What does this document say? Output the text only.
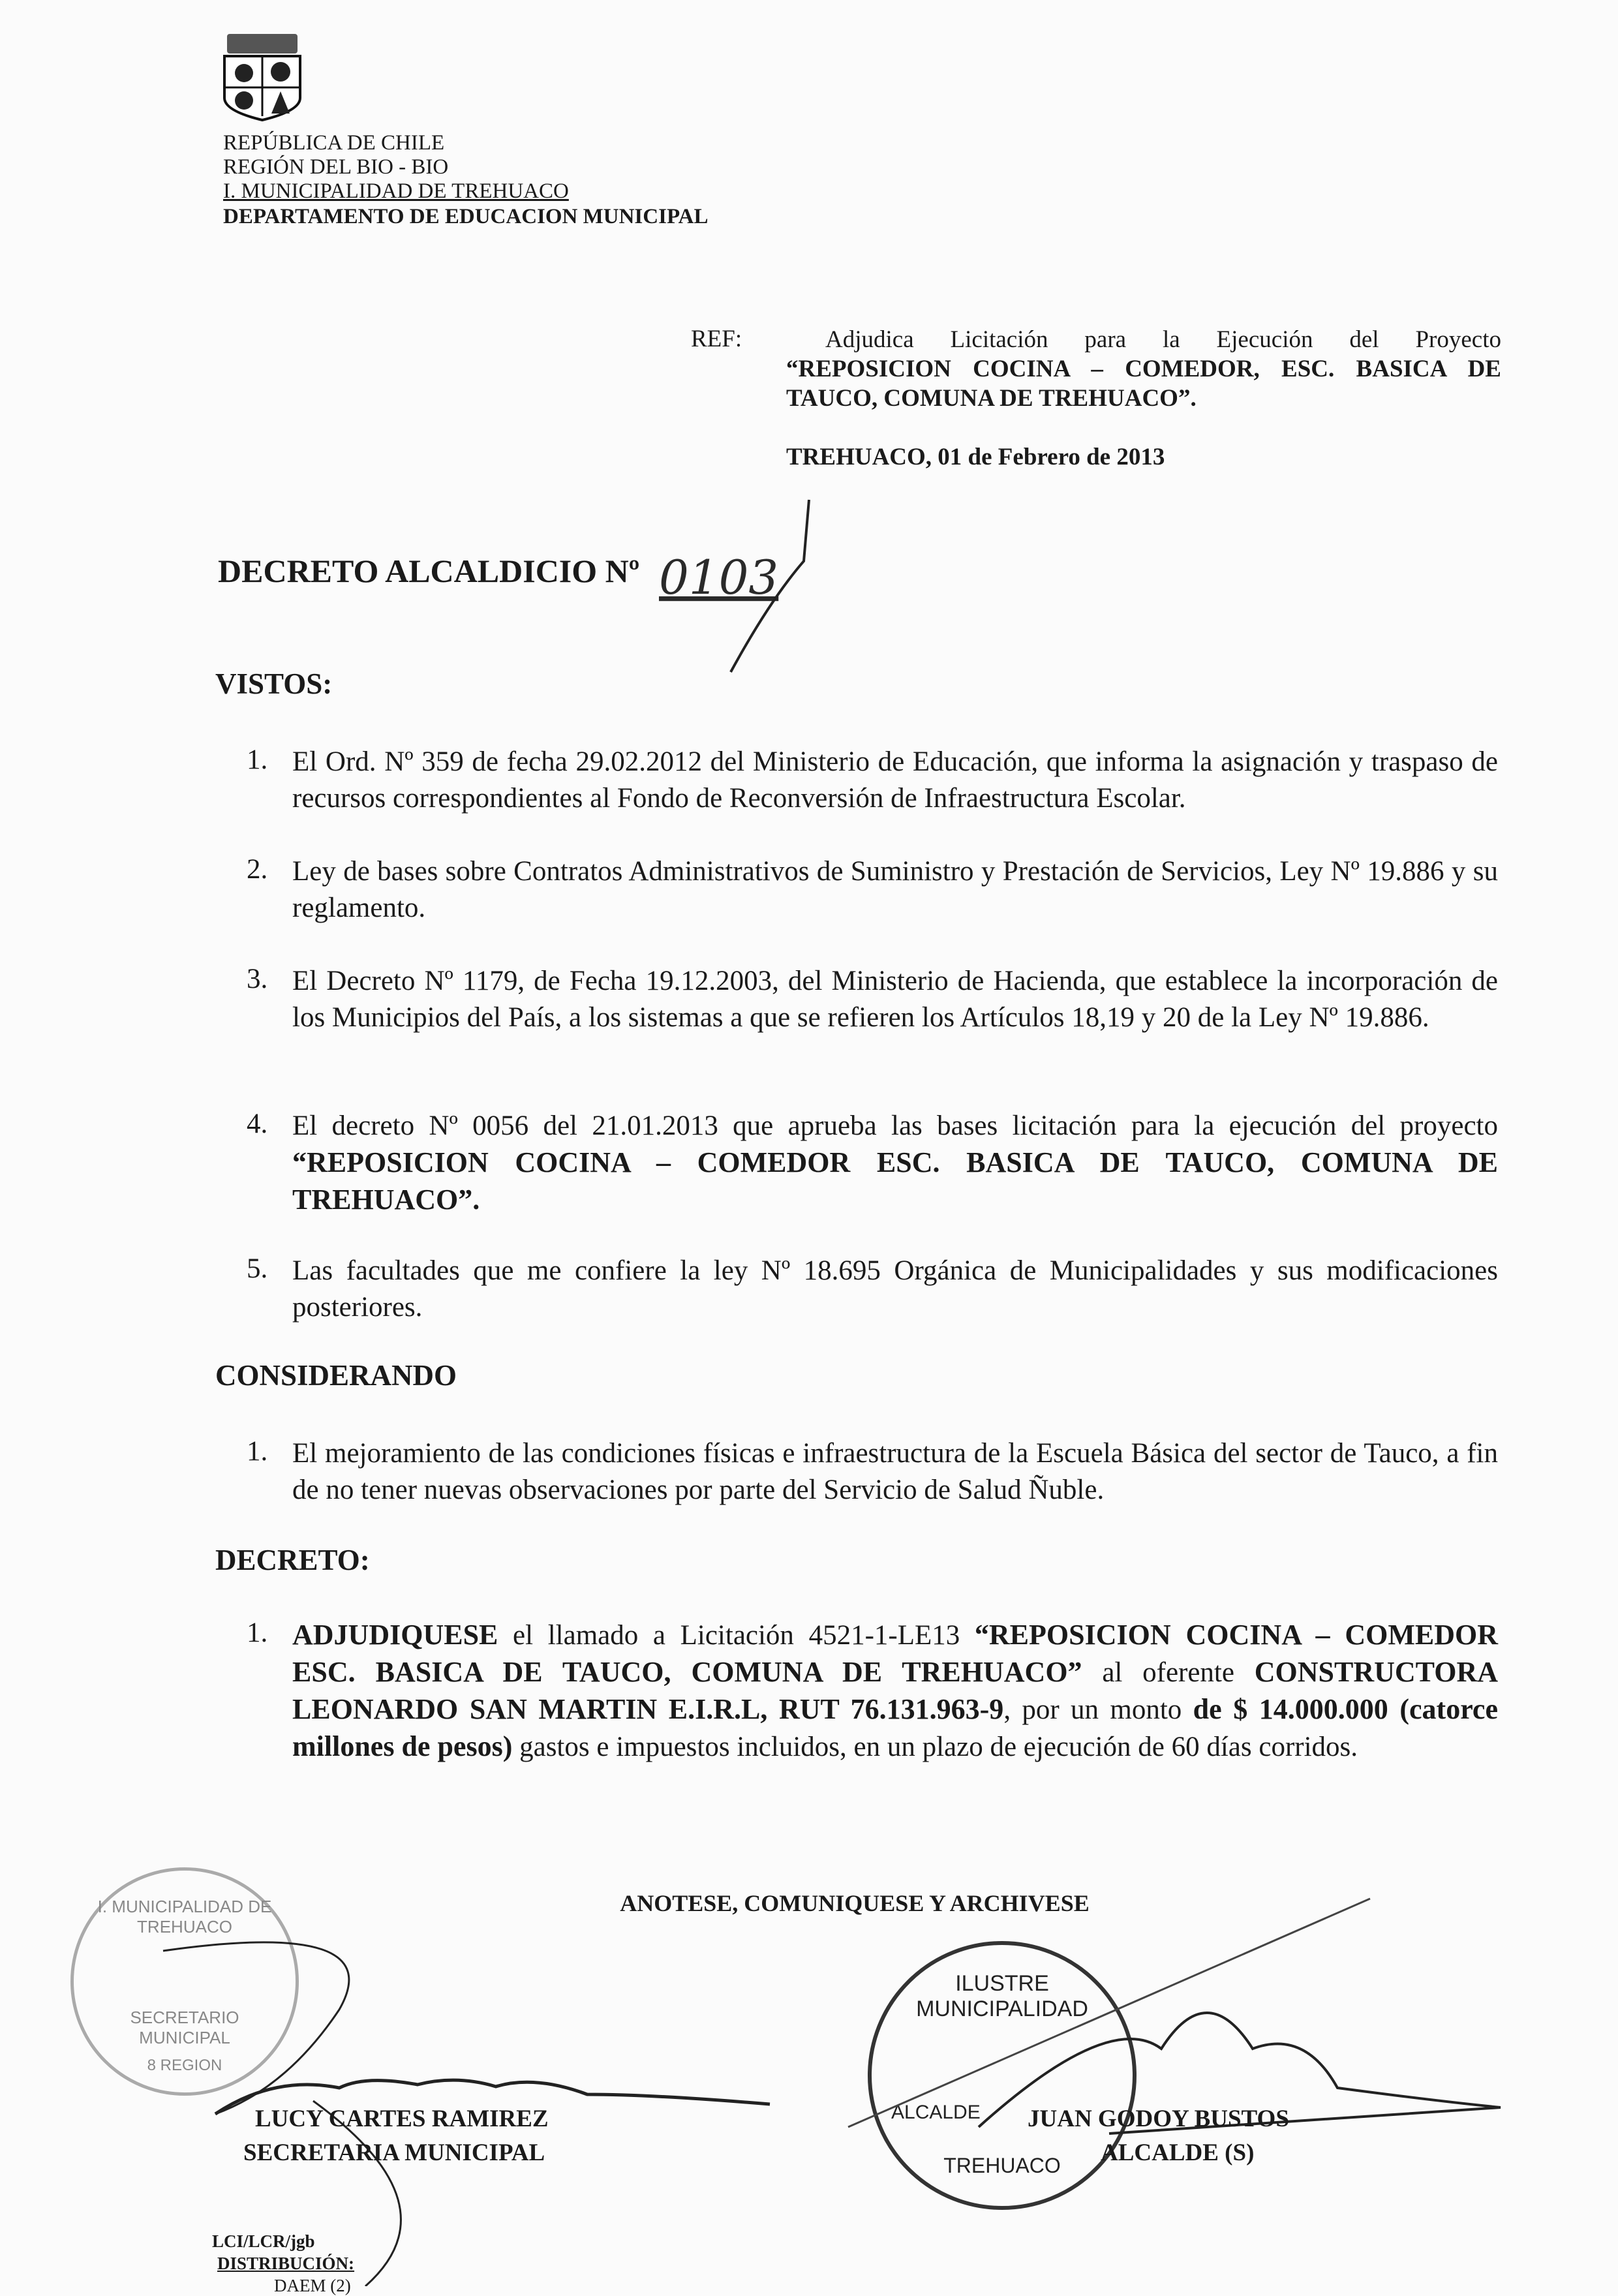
REPÚBLICA DE CHILE
REGIÓN DEL BIO - BIO
I. MUNICIPALIDAD DE TREHUACO
DEPARTAMENTO DE EDUCACION MUNICIPAL
REF:	Adjudica Licitación para la Ejecución del Proyecto
“REPOSICION COCINA – COMEDOR, ESC. BASICA DE
TAUCO, COMUNA DE TREHUACO”.
TREHUACO, 01 de Febrero de 2013
DECRETO ALCALDICIO Nº 0103
VISTOS:
1. El Ord. Nº 359 de fecha 29.02.2012 del Ministerio de Educación, que informa la asignación y traspaso de recursos correspondientes al Fondo de Reconversión de Infraestructura Escolar.
2. Ley de bases sobre Contratos Administrativos de Suministro y Prestación de Servicios, Ley Nº 19.886 y su reglamento.
3. El Decreto Nº 1179, de Fecha 19.12.2003, del Ministerio de Hacienda, que establece la incorporación de los Municipios del País, a los sistemas a que se refieren los Artículos 18,19 y 20 de la Ley Nº 19.886.
4. El decreto Nº 0056 del 21.01.2013 que aprueba las bases licitación para la ejecución del proyecto “REPOSICION COCINA – COMEDOR ESC. BASICA DE TAUCO, COMUNA DE TREHUACO”.
5. Las facultades que me confiere la ley Nº 18.695 Orgánica de Municipalidades y sus modificaciones posteriores.
CONSIDERANDO
1. El mejoramiento de las condiciones físicas e infraestructura de la Escuela Básica del sector de Tauco, a fin de no tener nuevas observaciones por parte del Servicio de Salud Ñuble.
DECRETO:
1. ADJUDIQUESE el llamado a Licitación 4521-1-LE13 “REPOSICION COCINA – COMEDOR ESC. BASICA DE TAUCO, COMUNA DE TREHUACO” al oferente CONSTRUCTORA LEONARDO SAN MARTIN E.I.R.L, RUT 76.131.963-9, por un monto de $ 14.000.000 (catorce millones de pesos) gastos e impuestos incluidos, en un plazo de ejecución de 60 días corridos.
ANOTESE, COMUNIQUESE Y ARCHIVESE
I. MUNICIPALIDAD DE TREHUACO
SECRETARIO MUNICIPAL
8 REGION
ILUSTRE MUNICIPALIDAD
ALCALDE
TREHUACO
LUCY CARTES RAMIREZ
SECRETARIA MUNICIPAL
JUAN GODOY BUSTOS
ALCALDE (S)
LCI/LCR/jgb
DISTRIBUCIÓN:
DAEM (2)
